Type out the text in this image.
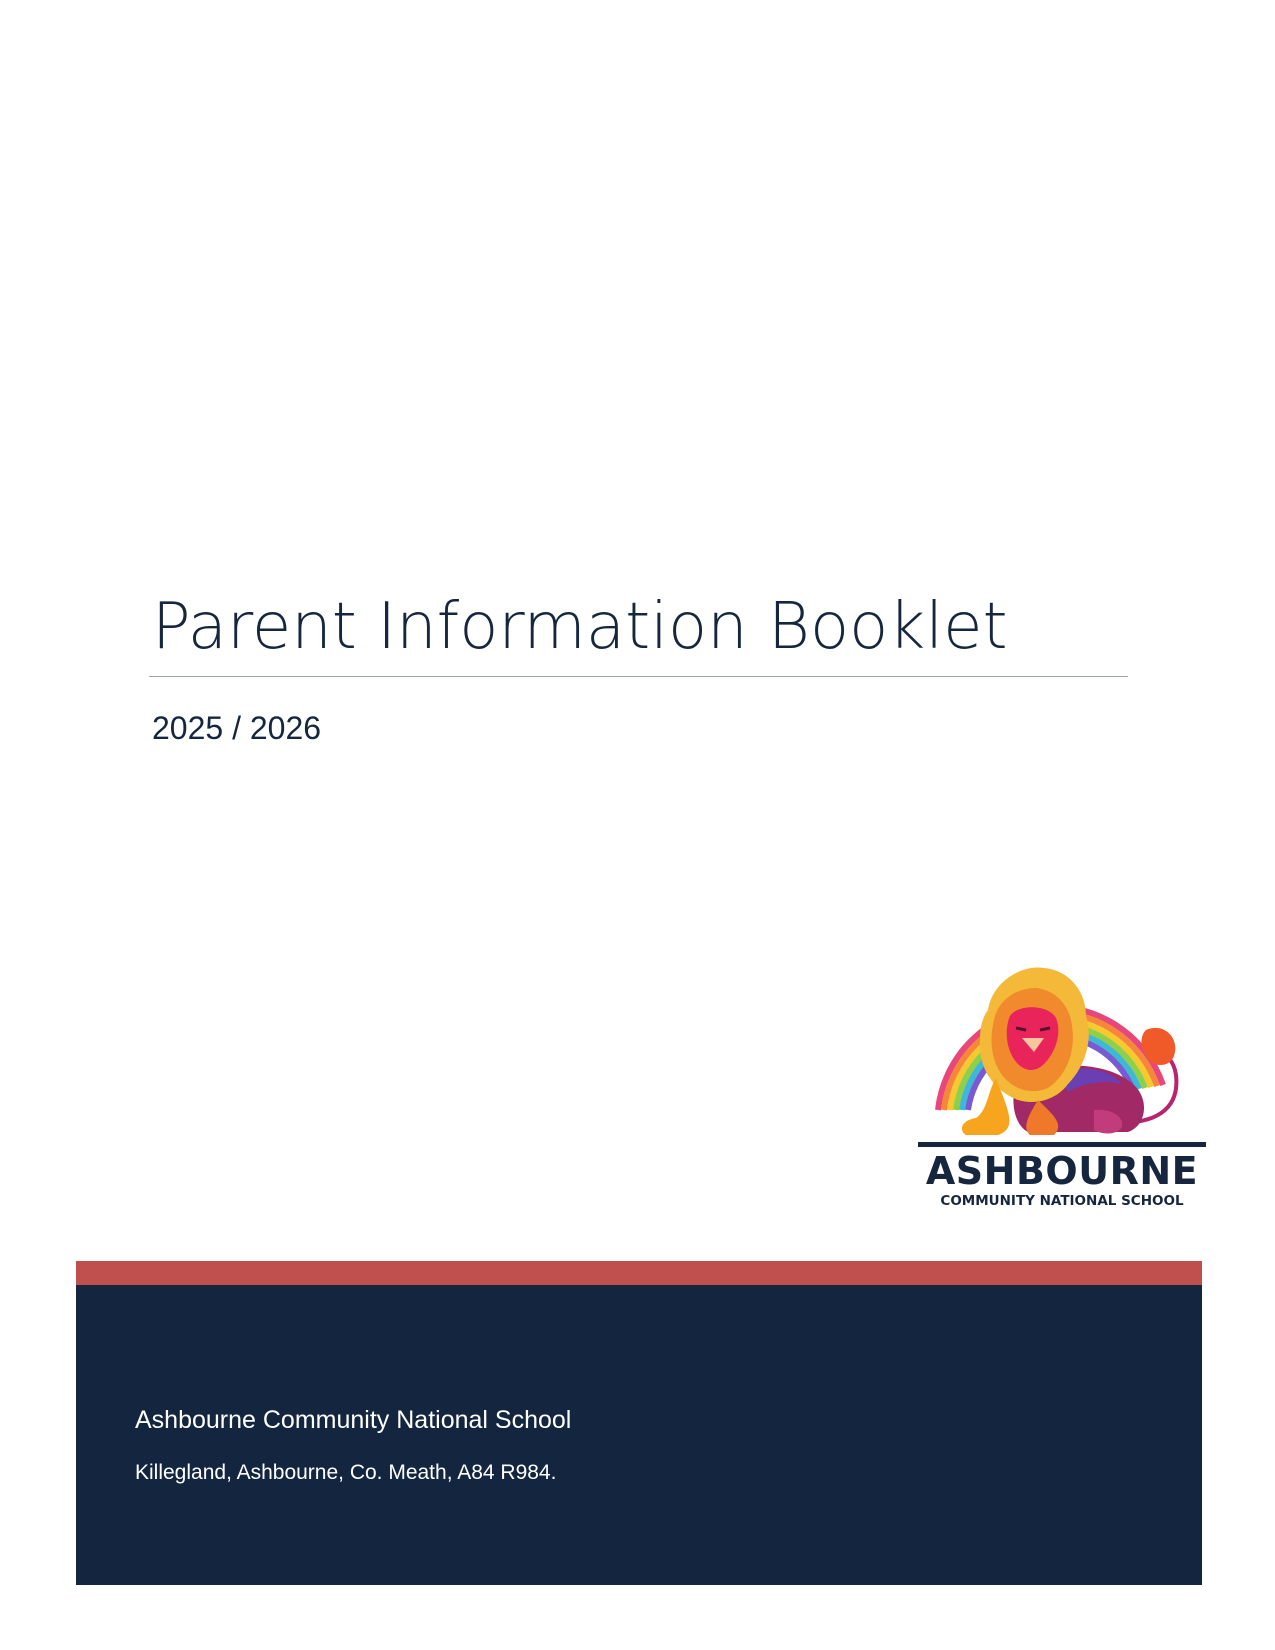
Parent Information Booklet

2025 / 2026

ASHBOURNE
COMMUNITY NATIONAL SCHOOL

Ashbourne Community National School

Killegland, Ashbourne, Co. Meath, A84 R984.
